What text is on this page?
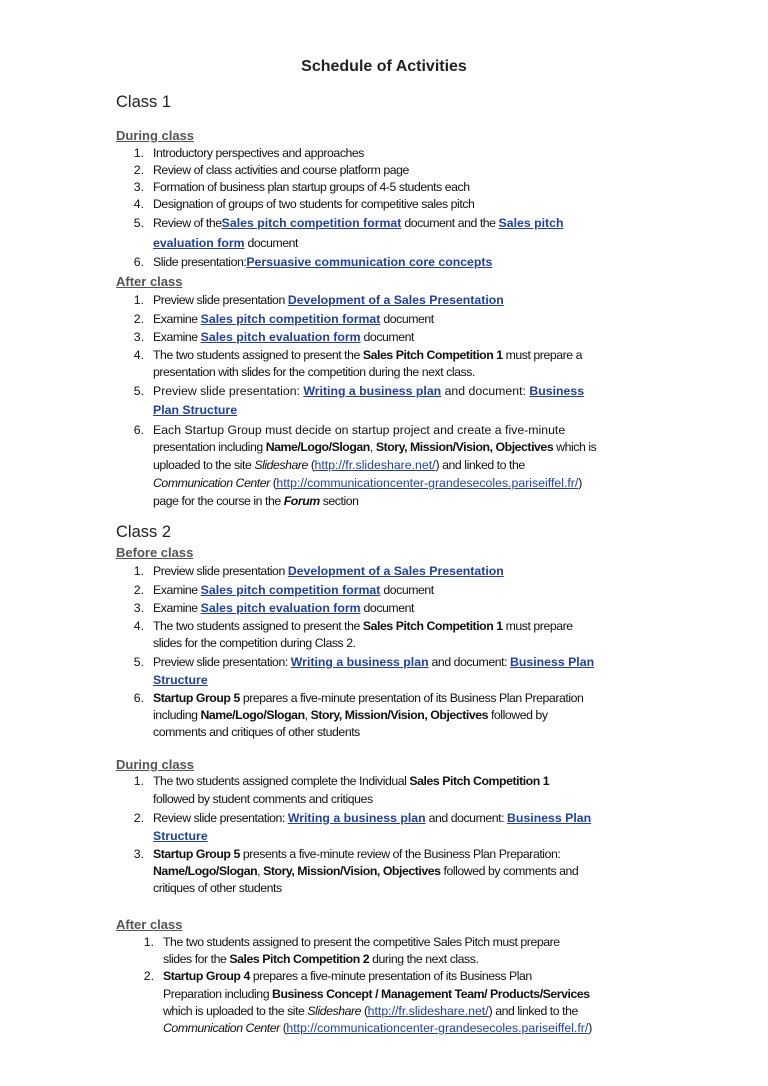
Schedule of Activities
Class 1
During class
1. Introductory perspectives and approaches
2. Review of class activities and course platform page
3. Formation of business plan startup groups of 4-5 students each
4. Designation of groups of two students for competitive sales pitch
5. Review of theSales pitch competition format document and the Sales pitch
evaluation form document
6. Slide presentation:Persuasive communication core concepts
After class
1. Preview slide presentation Development of a Sales Presentation
2. Examine Sales pitch competition format document
3. Examine Sales pitch evaluation form document
4. The two students assigned to present the Sales Pitch Competition 1 must prepare a
presentation with slides for the competition during the next class.
5. Preview slide presentation: Writing a business plan and document: Business
Plan Structure
6. Each Startup Group must decide on startup project and create a five-minute
presentation including Name/Logo/Slogan, Story, Mission/Vision, Objectives which is
uploaded to the site Slideshare (http://fr.slideshare.net/) and linked to the
Communication Center (http://communicationcenter-grandesecoles.pariseiffel.fr/)
page for the course in the Forum section
Class 2
Before class
1. Preview slide presentation Development of a Sales Presentation
2. Examine Sales pitch competition format document
3. Examine Sales pitch evaluation form document
4. The two students assigned to present the Sales Pitch Competition 1 must prepare
slides for the competition during Class 2.
5. Preview slide presentation: Writing a business plan and document: Business Plan
Structure
6. Startup Group 5 prepares a five-minute presentation of its Business Plan Preparation
including Name/Logo/Slogan, Story, Mission/Vision, Objectives followed by
comments and critiques of other students
During class
1. The two students assigned complete the Individual Sales Pitch Competition 1
followed by student comments and critiques
2. Review slide presentation: Writing a business plan and document: Business Plan
Structure
3. Startup Group 5 presents a five-minute review of the Business Plan Preparation:
Name/Logo/Slogan, Story, Mission/Vision, Objectives followed by comments and
critiques of other students
After class
1. The two students assigned to present the competitive Sales Pitch must prepare
slides for the Sales Pitch Competition 2 during the next class.
2. Startup Group 4 prepares a five-minute presentation of its Business Plan
Preparation including Business Concept / Management Team/ Products/Services
which is uploaded to the site Slideshare (http://fr.slideshare.net/) and linked to the
Communication Center (http://communicationcenter-grandesecoles.pariseiffel.fr/)
